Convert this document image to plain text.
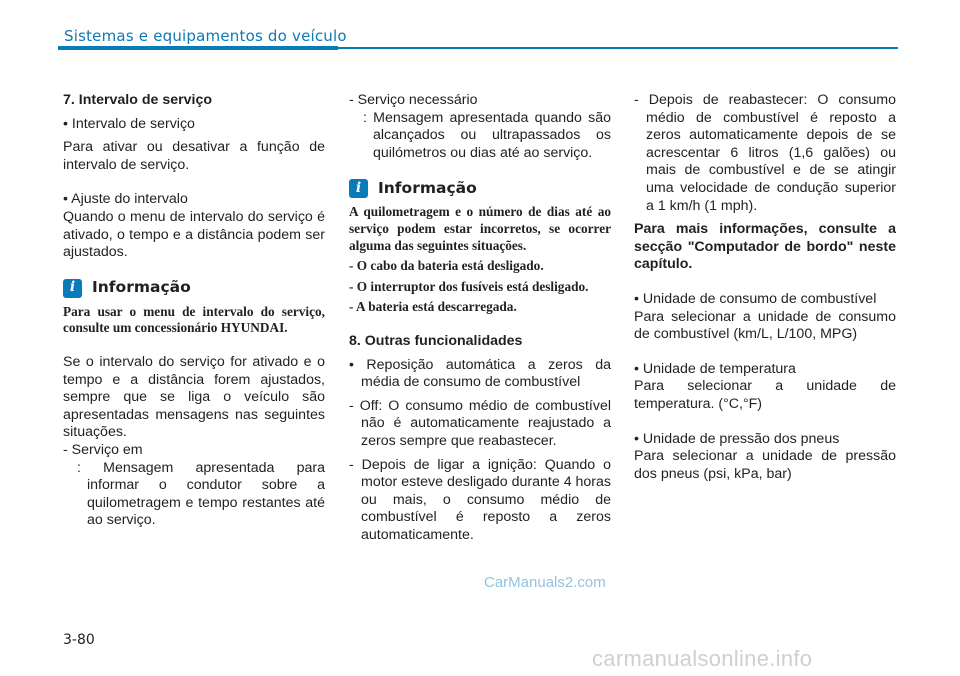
Sistemas e equipamentos do veículo

7. Intervalo de serviço

• Intervalo de serviço

Para ativar ou desativar a função de intervalo de serviço.

• Ajuste do intervalo

Quando o menu de intervalo do serviço é ativado, o tempo e a distância podem ser ajustados.

i	Informação

Para usar o menu de intervalo do serviço, consulte um concessionário HYUNDAI.

Se o intervalo do serviço for ativado e o tempo e a distância forem ajustados, sempre que se liga o veículo são apresentadas mensagens nas seguintes situações.

- Serviço em

: Mensagem apresentada para informar o condutor sobre a quilometragem e tempo restantes até ao serviço.

- Serviço necessário

: Mensagem apresentada quando são alcançados ou ultrapassados os quilómetros ou dias até ao serviço.

i	Informação

A quilometragem e o número de dias até ao serviço podem estar incorretos, se ocorrer alguma das seguintes situações.

- O cabo da bateria está desligado.

- O interruptor dos fusíveis está desligado.

- A bateria está descarregada.

8. Outras funcionalidades

• Reposição automática a zeros da média de consumo de combustível

- Off: O consumo médio de combustível não é automaticamente reajustado a zeros sempre que reabastecer.

- Depois de ligar a ignição: Quando o motor esteve desligado durante 4 horas ou mais, o consumo médio de combustível é reposto a zeros automaticamente.

- Depois de reabastecer: O consumo médio de combustível é reposto a zeros automaticamente depois de se acrescentar 6 litros (1,6 galões) ou mais de combustível e de se atingir uma velocidade de condução superior a 1 km/h (1 mph).

Para mais informações, consulte a secção "Computador de bordo" neste capítulo.

• Unidade de consumo de combustível

Para selecionar a unidade de consumo de combustível (km/L, L/100, MPG)

• Unidade de temperatura

Para selecionar a unidade de temperatura. (°C,°F)

• Unidade de pressão dos pneus

Para selecionar a unidade de pressão dos pneus (psi, kPa, bar)

3-80
CarManuals2.com
carmanualsonline.info
